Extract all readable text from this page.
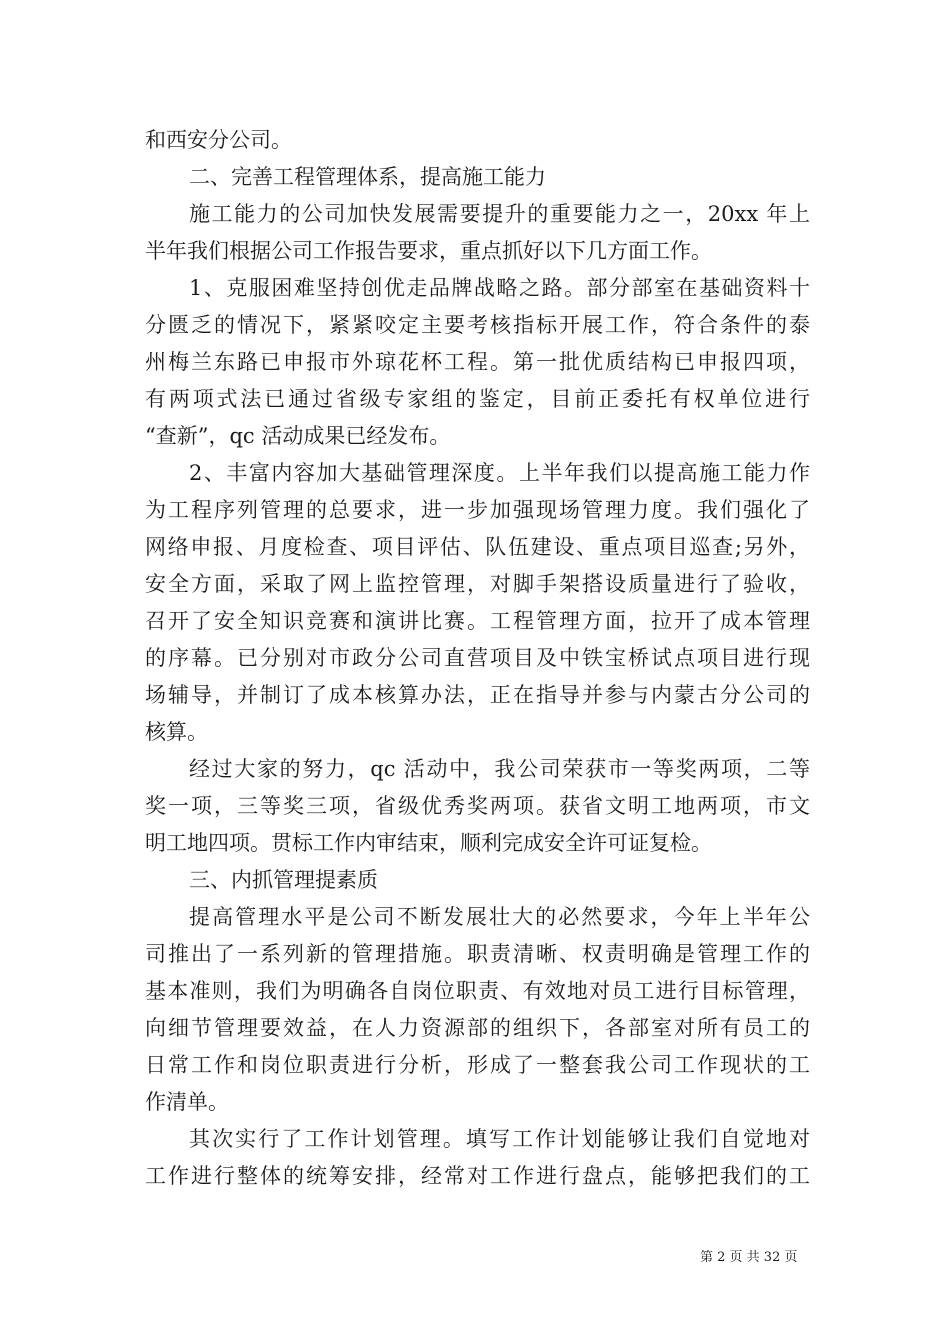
和西安分公司。
二、完善工程管理体系，提高施工能力
施工能力的公司加快发展需要提升的重要能力之一，20xx 年上
半年我们根据公司工作报告要求，重点抓好以下几方面工作。
1、克服困难坚持创优走品牌战略之路。部分部室在基础资料十
分匮乏的情况下，紧紧咬定主要考核指标开展工作，符合条件的泰
州梅兰东路已申报市外琼花杯工程。第一批优质结构已申报四项，
有两项式法已通过省级专家组的鉴定，目前正委托有权单位进行
“查新”，qc 活动成果已经发布。
2、丰富内容加大基础管理深度。上半年我们以提高施工能力作
为工程序列管理的总要求，进一步加强现场管理力度。我们强化了
网络申报、月度检查、项目评估、队伍建设、重点项目巡查;另外，
安全方面，采取了网上监控管理，对脚手架搭设质量进行了验收，
召开了安全知识竞赛和演讲比赛。工程管理方面，拉开了成本管理
的序幕。已分别对市政分公司直营项目及中铁宝桥试点项目进行现
场辅导，并制订了成本核算办法，正在指导并参与内蒙古分公司的
核算。
经过大家的努力，qc 活动中，我公司荣获市一等奖两项，二等
奖一项，三等奖三项，省级优秀奖两项。获省文明工地两项，市文
明工地四项。贯标工作内审结束，顺利完成安全许可证复检。
三、内抓管理提素质
提高管理水平是公司不断发展壮大的必然要求，今年上半年公
司推出了一系列新的管理措施。职责清晰、权责明确是管理工作的
基本准则，我们为明确各自岗位职责、有效地对员工进行目标管理，
向细节管理要效益，在人力资源部的组织下，各部室对所有员工的
日常工作和岗位职责进行分析，形成了一整套我公司工作现状的工
作清单。
其次实行了工作计划管理。填写工作计划能够让我们自觉地对
工作进行整体的统筹安排，经常对工作进行盘点，能够把我们的工
第 2 页 共 32 页
